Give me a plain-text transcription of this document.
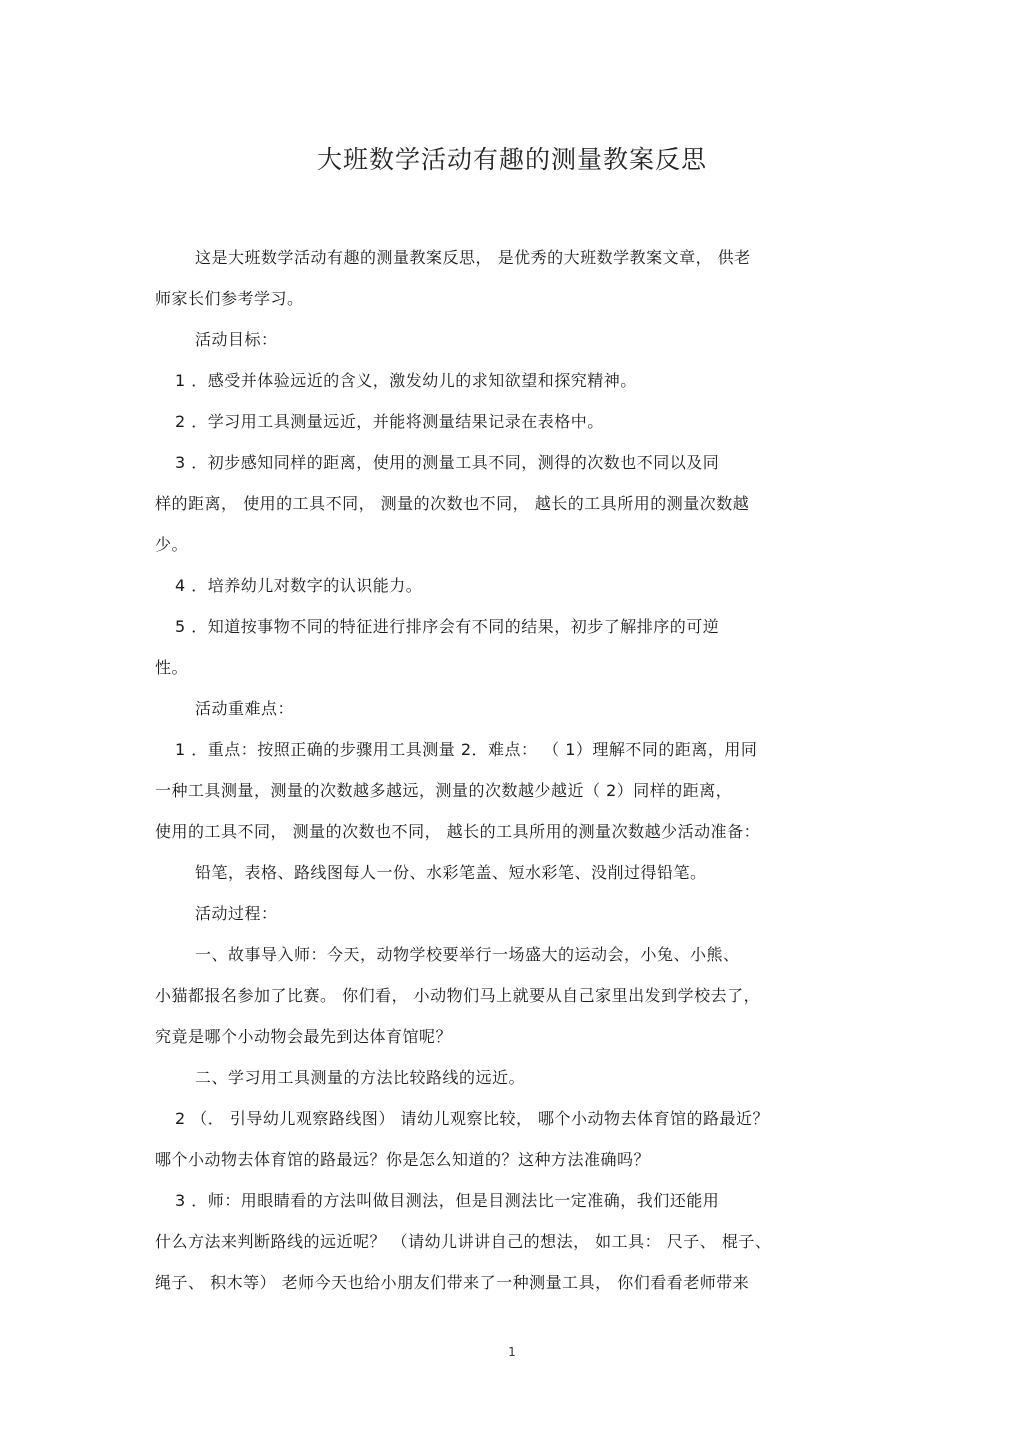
大班数学活动有趣的测量教案反思
这是大班数学活动有趣的测量教案反思， 是优秀的大班数学教案文章， 供老
师家长们参考学习。
活动目标：
1 ．感受并体验远近的含义，激发幼儿的求知欲望和探究精神。
2 ．学习用工具测量远近，并能将测量结果记录在表格中。
3 ．初步感知同样的距离，使用的测量工具不同，测得的次数也不同以及同
样的距离， 使用的工具不同， 测量的次数也不同， 越长的工具所用的测量次数越
少。
4 ．培养幼儿对数字的认识能力。
5 ．知道按事物不同的特征进行排序会有不同的结果，初步了解排序的可逆
性。
活动重难点：
1 ．重点：按照正确的步骤用工具测量 2．难点： （ 1）理解不同的距离，用同
一种工具测量，测量的次数越多越远，测量的次数越少越近（ 2）同样的距离，
使用的工具不同， 测量的次数也不同， 越长的工具所用的测量次数越少活动准备：
铅笔，表格、路线图每人一份、水彩笔盖、短水彩笔、没削过得铅笔。
活动过程：
一、故事导入师：今天，动物学校要举行一场盛大的运动会，小兔、小熊、
小猫都报名参加了比赛。 你们看， 小动物们马上就要从自己家里出发到学校去了，
究竟是哪个小动物会最先到达体育馆呢？
二、学习用工具测量的方法比较路线的远近。
2 （． 引导幼儿观察路线图） 请幼儿观察比较， 哪个小动物去体育馆的路最近？
哪个小动物去体育馆的路最远？你是怎么知道的？这种方法准确吗？
3 ．师：用眼睛看的方法叫做目测法，但是目测法比一定准确，我们还能用
什么方法来判断路线的远近呢？ （请幼儿讲讲自己的想法， 如工具： 尺子、 棍子、
绳子、 积木等） 老师今天也给小朋友们带来了一种测量工具， 你们看看老师带来
1
